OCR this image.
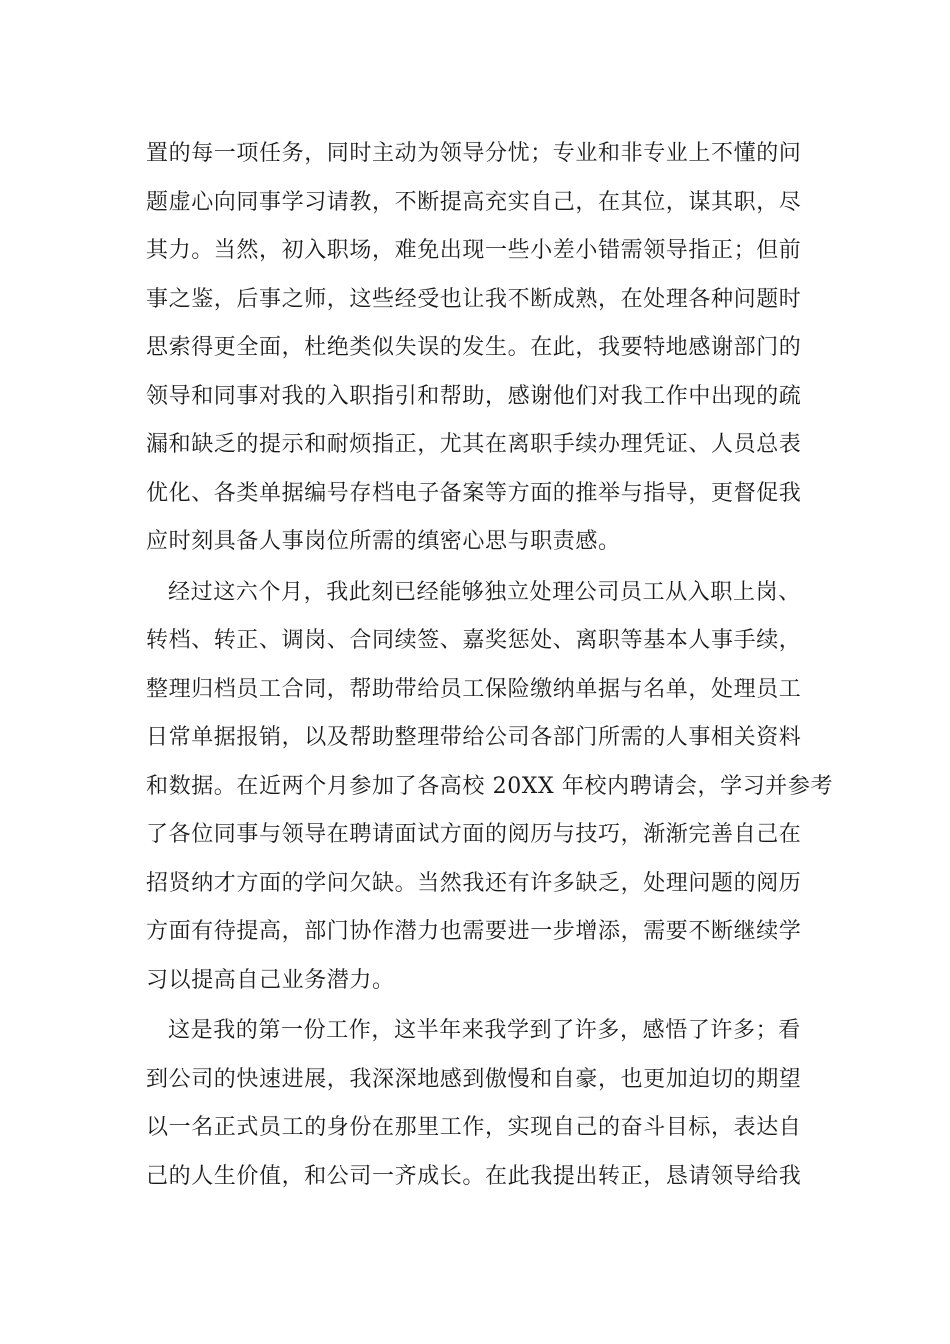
置的每一项任务，同时主动为领导分忧；专业和非专业上不懂的问
题虚心向同事学习请教，不断提高充实自己，在其位，谋其职，尽
其力。当然，初入职场，难免出现一些小差小错需领导指正；但前
事之鉴，后事之师，这些经受也让我不断成熟，在处理各种问题时
思索得更全面，杜绝类似失误的发生。在此，我要特地感谢部门的
领导和同事对我的入职指引和帮助，感谢他们对我工作中出现的疏
漏和缺乏的提示和耐烦指正，尤其在离职手续办理凭证、人员总表
优化、各类单据编号存档电子备案等方面的推举与指导，更督促我
应时刻具备人事岗位所需的缜密心思与职责感。
经过这六个月，我此刻已经能够独立处理公司员工从入职上岗、
转档、转正、调岗、合同续签、嘉奖惩处、离职等基本人事手续，
整理归档员工合同，帮助带给员工保险缴纳单据与名单，处理员工
日常单据报销，以及帮助整理带给公司各部门所需的人事相关资料
和数据。在近两个月参加了各高校 20XX 年校内聘请会，学习并参考
了各位同事与领导在聘请面试方面的阅历与技巧，渐渐完善自己在
招贤纳才方面的学问欠缺。当然我还有许多缺乏，处理问题的阅历
方面有待提高，部门协作潜力也需要进一步增添，需要不断继续学
习以提高自己业务潜力。
这是我的第一份工作，这半年来我学到了许多，感悟了许多；看
到公司的快速进展，我深深地感到傲慢和自豪，也更加迫切的期望
以一名正式员工的身份在那里工作，实现自己的奋斗目标，表达自
己的人生价值，和公司一齐成长。在此我提出转正，恳请领导给我
